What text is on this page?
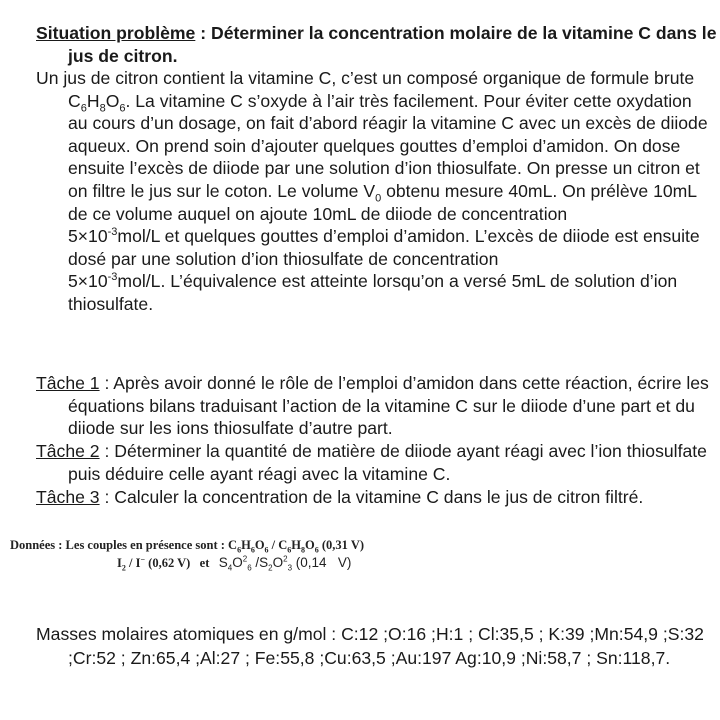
Situation problème : Déterminer la concentration molaire de la vitamine C dans le jus de citron.
Un jus de citron contient la vitamine C, c’est un composé organique de formule brute $C_6H_8O_6$. La vitamine C s’oxyde à l’air très facilement. Pour éviter cette oxydation au cours d’un dosage, on fait d’abord réagir la vitamine C avec un excès de diiode aqueux. On prend soin d’ajouter quelques gouttes d’emploi d’amidon. On dose ensuite l’excès de diiode par une solution d’ion thiosulfate. On presse un citron et on filtre le jus sur le coton. Le volume $V_0$ obtenu mesure 40mL. On prélève 10mL de ce volume auquel on ajoute 10mL de diiode de concentration
$5\times 10^{-3}mol/L$ et quelques gouttes d’emploi d’amidon. L’excès de diiode est ensuite dosé par une solution d’ion thiosulfate de concentration
$5\times 10^{-3}mol/L$. L’équivalence est atteinte lorsqu’on a versé 5mL de solution d’ion thiosulfate.
Tâche 1 : Après avoir donné le rôle de l’emploi d’amidon dans cette réaction, écrire les équations bilans traduisant l’action de la vitamine C sur le diiode d’une part et du diiode sur les ions thiosulfate d’autre part.
Tâche 2 : Déterminer la quantité de matière de diiode ayant réagi avec l’ion thiosulfate puis déduire celle ayant réagi avec la vitamine C.
Tâche 3 : Calculer la concentration de la vitamine C dans le jus de citron filtré.
Données : Les couples en présence sont : $C_6H_6O_6 / C_6H_8O_6$ (0,31 V)
$I_2 / I^-$ (0,62 V)   et   $S_4O^2_6$ $/S_2O^2_3$ (0,14   V)
Masses molaires atomiques en g/mol : C:12 ;O:16 ;H:1 ; Cl:35,5 ; K:39 ;Mn:54,9 ;S:32 ;Cr:52 ; Zn:65,4 ;Al:27 ; Fe:55,8 ;Cu:63,5 ;Au:197 Ag:10,9 ;Ni:58,7 ; Sn:118,7.
